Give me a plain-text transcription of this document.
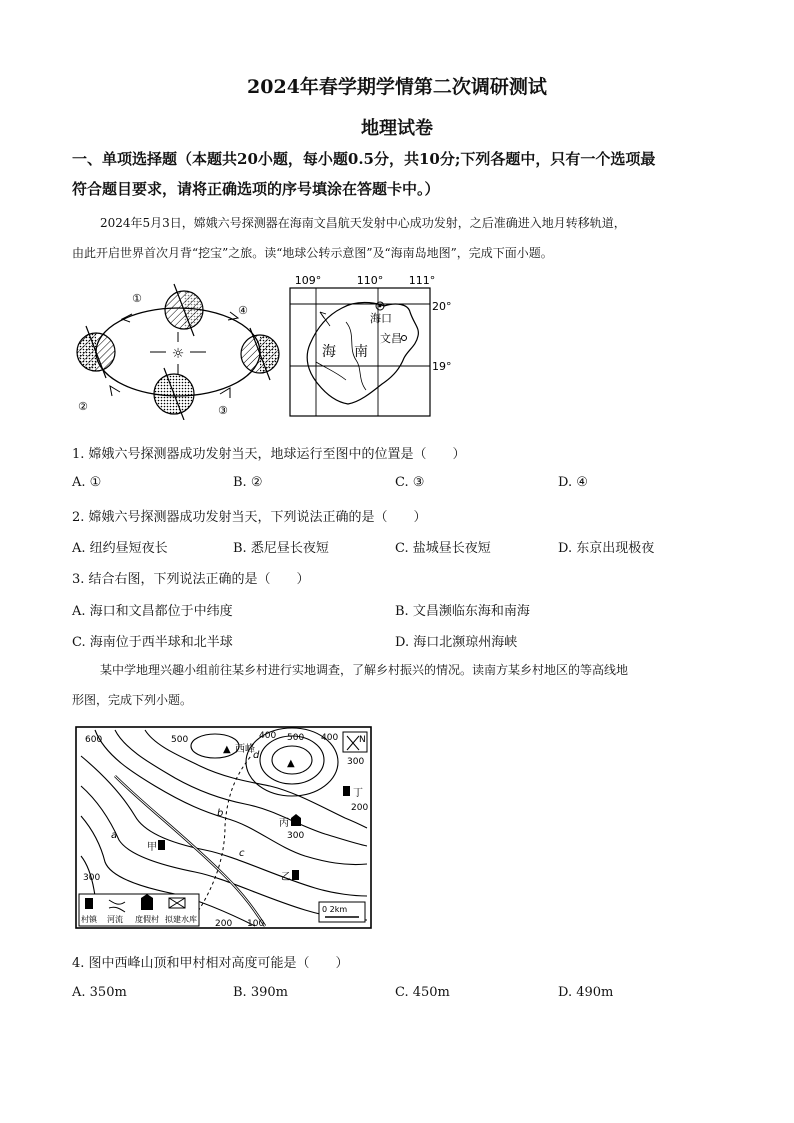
2024年春学期学情第二次调研测试
地理试卷
一、单项选择题（本题共20小题，每小题0.5分，共10分;下列各题中，只有一个选项最
符合题目要求，请将正确选项的序号填涂在答题卡中。）
2024年5月3日，嫦娥六号探测器在海南文昌航天发射中心成功发射，之后准确进入地月转移轨道，
由此开启世界首次月背“挖宝”之旅。读“地球公转示意图”及“海南岛地图”，完成下面小题。
☼
①
②	③
④
109°	110° 111°
20°
19°
海口
文昌
海 南
1. 嫦娥六号探测器成功发射当天，地球运行至图中的位置是（　　）
A. ①	B. ②	C. ③	D. ④
2. 嫦娥六号探测器成功发射当天，下列说法正确的是（　　）
A. 纽约昼短夜长	B. 悉尼昼长夜短	C. 盐城昼长夜短	D. 东京出现极夜
3. 结合右图，下列说法正确的是（　　）
A. 海口和文昌都位于中纬度	B. 文昌濒临东海和南海
C. 海南位于西半球和北半球	D. 海口北濒琼州海峡
某中学地理兴趣小组前往某乡村进行实地调查，了解乡村振兴的情况。读南方某乡村地区的等高线地
形图，完成下列小题。
▲ 西峰
▲
600	500	400 500 400
300
300
200
300
200 100
甲
乙
丙
丁
a
b
c
d
N
0 2km
村镇 河流 度假村 拟建水库
4. 图中西峰山顶和甲村相对高度可能是（　　）
A. 350m	B. 390m	C. 450m	D. 490m
